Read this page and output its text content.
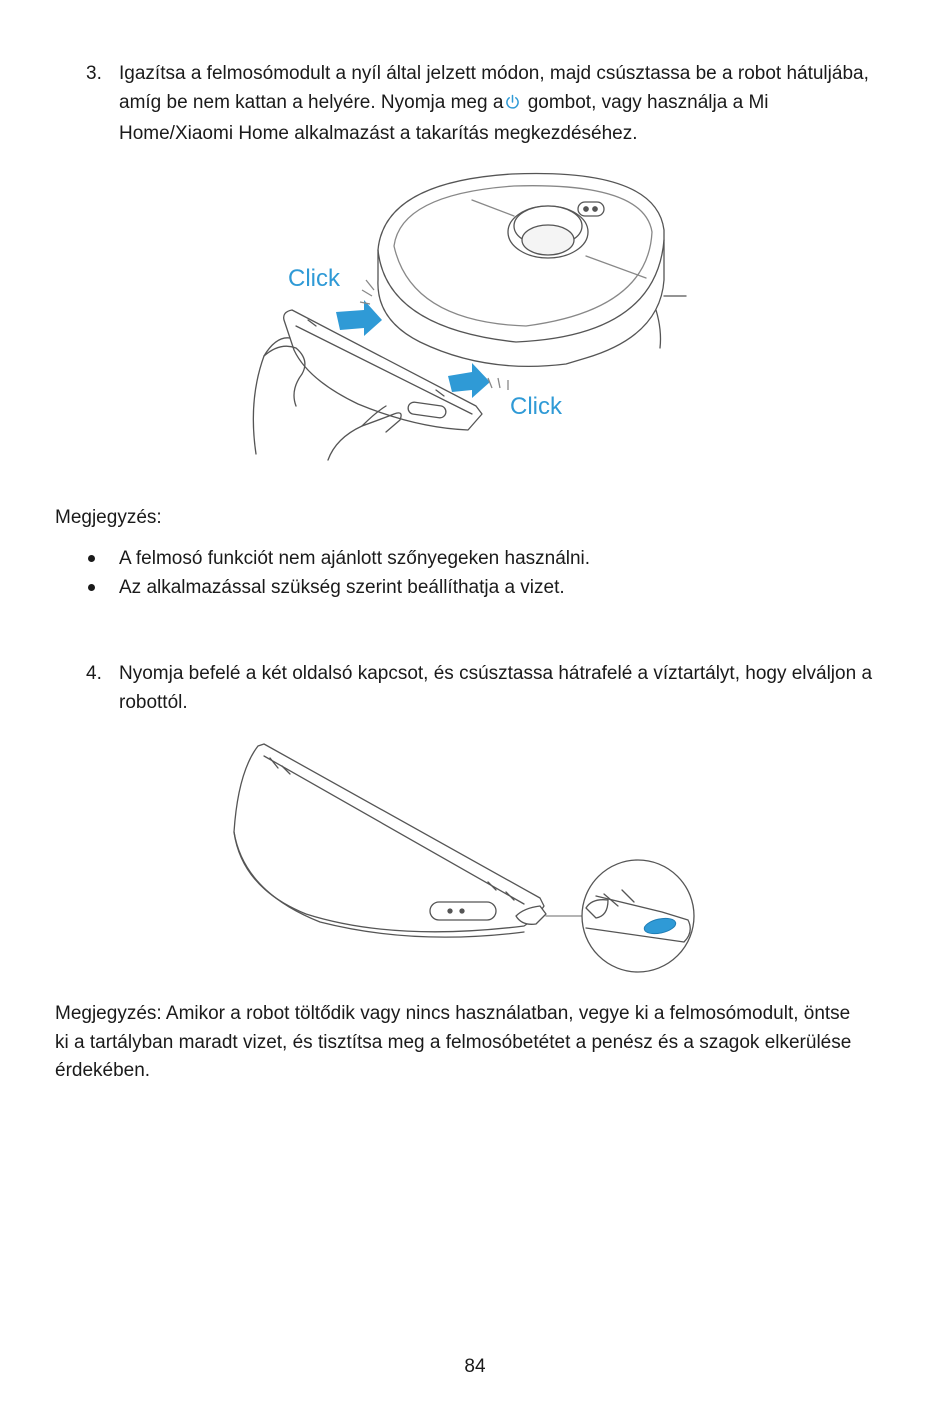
3. Igazítsa a felmosómodult a nyíl által jelzett módon, majd csúsztassa be a robot hátuljába, amíg be nem kattan a helyére. Nyomja meg a gombot, vagy használja a Mi Home/Xiaomi Home alkalmazást a takarítás megkezdéséhez.
Click
Click
Megjegyzés:
A felmosó funkciót nem ajánlott szőnyegeken használni.
Az alkalmazással szükség szerint beállíthatja a vizet.
4. Nyomja befelé a két oldalsó kapcsot, és csúsztassa hátrafelé a víztartályt, hogy elváljon a robottól.
Megjegyzés: Amikor a robot töltődik vagy nincs használatban, vegye ki a felmosómodult, öntse ki a tartályban maradt vizet, és tisztítsa meg a felmosóbetétet a penész és a szagok elkerülése érdekében.
84
